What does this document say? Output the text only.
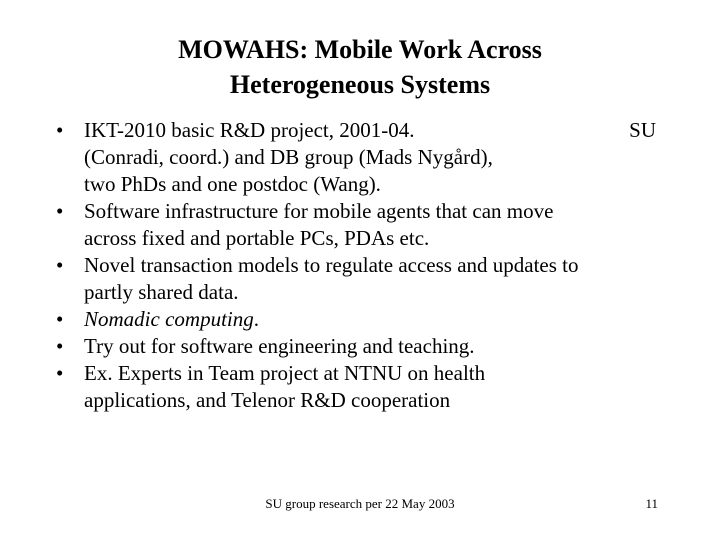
MOWAHS: Mobile Work Across
Heterogeneous Systems
• IKT-2010 basic R&D project, 2001-04.	SU
(Conradi, coord.) and DB group (Mads Nygård),
two PhDs and one postdoc (Wang).
• Software infrastructure for mobile agents that can move
across fixed and portable PCs, PDAs etc.
• Novel transaction models to regulate access and updates to
partly shared data.
• Nomadic computing.
• Try out for software engineering and teaching.
• Ex. Experts in Team project at NTNU on health
applications, and Telenor R&D cooperation
SU group research per 22 May 2003	11
